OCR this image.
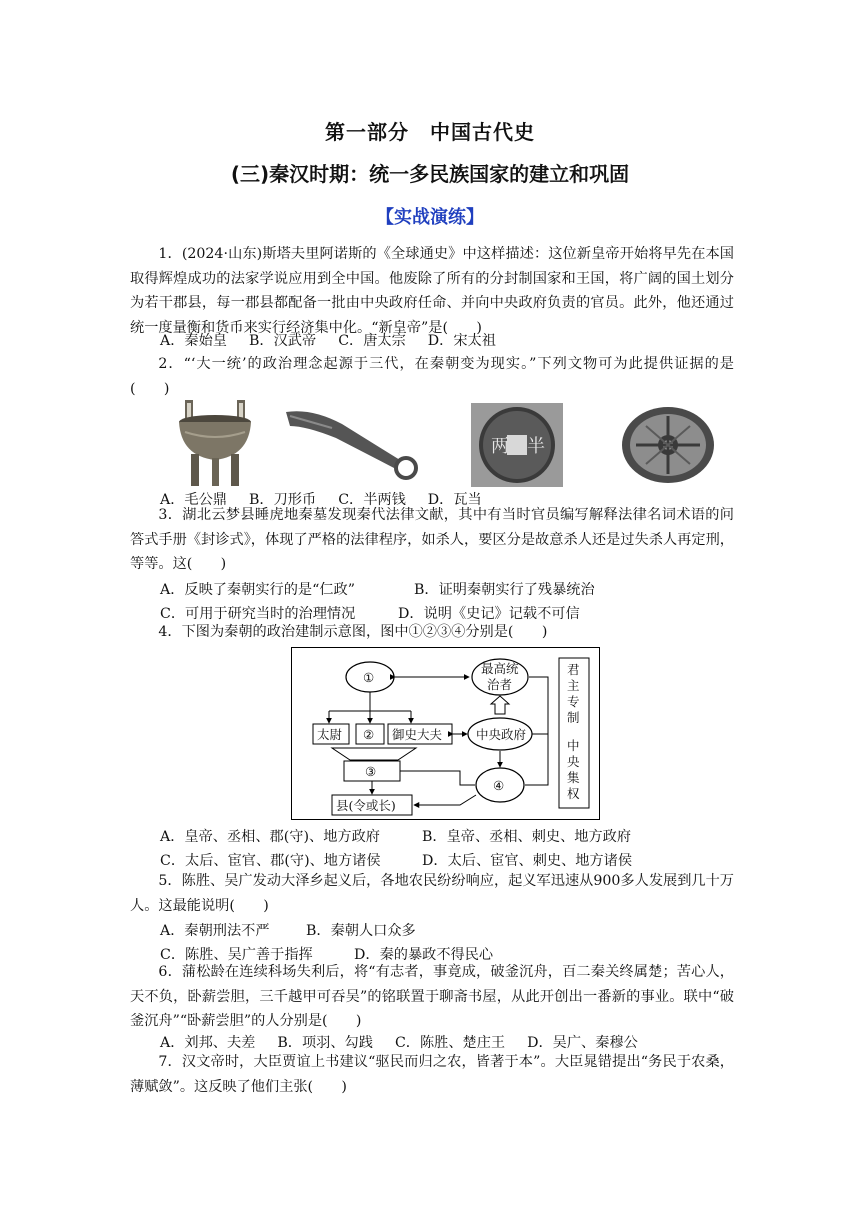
第一部分　中国古代史
(三)秦汉时期：统一多民族国家的建立和巩固
【实战演练】

1．(2024·山东)斯塔夫里阿诺斯的《全球通史》中这样描述：这位新皇帝开始将早先在本国取得辉煌成功的法家学说应用到全中国。他废除了所有的分封制国家和王国，将广阔的国土划分为若干郡县，每一郡县都配备一批由中央政府任命、并向中央政府负责的官员。此外，他还通过统一度量衡和货币来实行经济集中化。“新皇帝”是(　　)

A．秦始皇 B．汉武帝 C．唐太宗 D．宋太祖

2．“‘大一统’的政治理念起源于三代，在秦朝变为现实。”下列文物可为此提供证据的是(　　)

两 半
A．毛公鼎 B．刀形币 C．半两钱 D．瓦当

3．湖北云梦县睡虎地秦墓发现秦代法律文献，其中有当时官员编写解释法律名词术语的问答式手册《封诊式》，体现了严格的法律程序，如杀人，要区分是故意杀人还是过失杀人再定刑，等等。这(　　)

A．反映了秦朝实行的是“仁政”	B．证明秦朝实行了残暴统治
C．可用于研究当时的治理情况	D．说明《史记》记载不可信

4．下图为秦朝的政治建制示意图，图中①②③④分别是(　　)

①
最高统
治者
太尉 ② 御史大夫	中央政府
③
④
县(令或长)
君
主
专
制
中
央
集
权
A．皇帝、丞相、郡(守)、地方政府	B．皇帝、丞相、刺史、地方政府
C．太后、宦官、郡(守)、地方诸侯	D．太后、宦官、刺史、地方诸侯

5．陈胜、吴广发动大泽乡起义后，各地农民纷纷响应，起义军迅速从900多人发展到几十万人。这最能说明(　　)

A．秦朝刑法不严	B．秦朝人口众多
C．陈胜、吴广善于指挥	D．秦的暴政不得民心

6．蒲松龄在连续科场失利后，将“有志者，事竟成，破釜沉舟，百二秦关终属楚；苦心人，天不负，卧薪尝胆，三千越甲可吞吴”的铭联置于聊斋书屋，从此开创出一番新的事业。联中“破釜沉舟”“卧薪尝胆”的人分别是(　　)

A．刘邦、夫差 B．项羽、勾践 C．陈胜、楚庄王 D．吴广、秦穆公

7．汉文帝时，大臣贾谊上书建议“驱民而归之农，皆著于本”。大臣晁错提出“务民于农桑，薄赋敛”。这反映了他们主张(　　)
